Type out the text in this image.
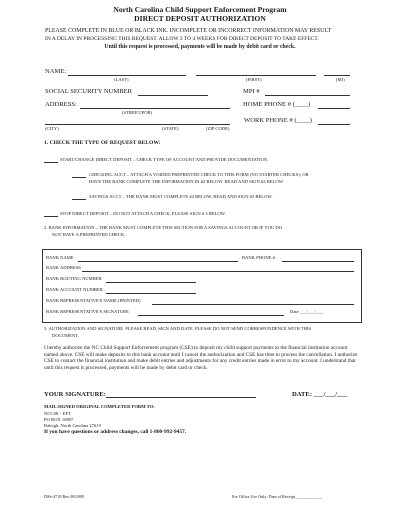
North Carolina Child Support Enforcement Program
DIRECT DEPOSIT AUTHORIZATION
PLEASE COMPLETE IN BLUE OR BLACK INK. INCOMPLETE OR INCORRECT INFORMATION MAY RESULT
IN A DELAY IN PROCESSING THIS REQUEST. ALLOW 3 TO 4 WEEKS FOR DIRECT DEPOSIT TO TAKE EFFECT.
Until this request is processed, payments will be made by debit card or check.
NAME:
(LAST)	(FIRST)	(MI)
SOCIAL SECURITY NUMBER	MPI #
ADDRESS:	HOME PHONE # (____)
(STREET/POB)
WORK PHONE # (____)
(CITY)	(STATE)	(ZIP CODE)
1. CHECK THE TYPE OF REQUEST BELOW:
START/CHANGE DIRECT DEPOSIT – CHECK TYPE OF ACCOUNT AND PROVIDE DOCUMENTATION.
CHECKING ACCT – ATTACH A VOIDED PREPRINTED CHECK TO THIS FORM (NO STARTER CHECKS); OR
HAVE THE BANK COMPLETE THE INFORMATION IN #2 BELOW. READ AND SIGN #3 BELOW.
SAVINGS ACCT – THE BANK MUST COMPLETE #2 BELOW. READ AND SIGN #3 BELOW.
STOP DIRECT DEPOSIT – DO NOT ATTACH A CHECK. PLEASE SIGN # 3 BELOW.
2. BANK INFORMATION – THE BANK MUST COMPLETE THIS SECTION FOR A SAVINGS ACCOUNT OR IF YOU DO
NOT HAVE A PREPRINTED CHECK.
BANK NAME	BANK PHONE #
BANK ADDRESS
BANK ROUTING NUMBER
BANK ACCOUNT NUMBER
BANK REPRESENTATIVE'S NAME (PRINTED)
BANK REPRESENTATIVE'S SIGNATURE	Date ___/___/___
3. AUTHORIZATION AND SIGNATURE. PLEASE READ, SIGN AND DATE. PLEASE DO NOT SEND CORRESPONDENCE WITH THIS
DOCUMENT.
I hereby authorize the NC Child Support Enforcement program (CSE) to deposit my child support payments to the financial institution account named above. CSE will make deposits to this bank account until I cancel the authorization and CSE has time to process the cancellation. I authorize CSE to contact the financial institution and make debit entries and adjustments for any credit entries made in error to my account. I understand that until this request is processed, payments will be made by debit card or check.
YOUR SIGNATURE:	DATE: ___/___/___
MAIL SIGNED ORIGINAL COMPLETED FORM TO:
NCCSE - EFT
PO BOX 10807
Raleigh, North Carolina 27619
If you have questions or address changes, call 1-800-992-9457.
DSS-4718 Rev 08/2009	For Office Use Only: Date of Receipt_____________
